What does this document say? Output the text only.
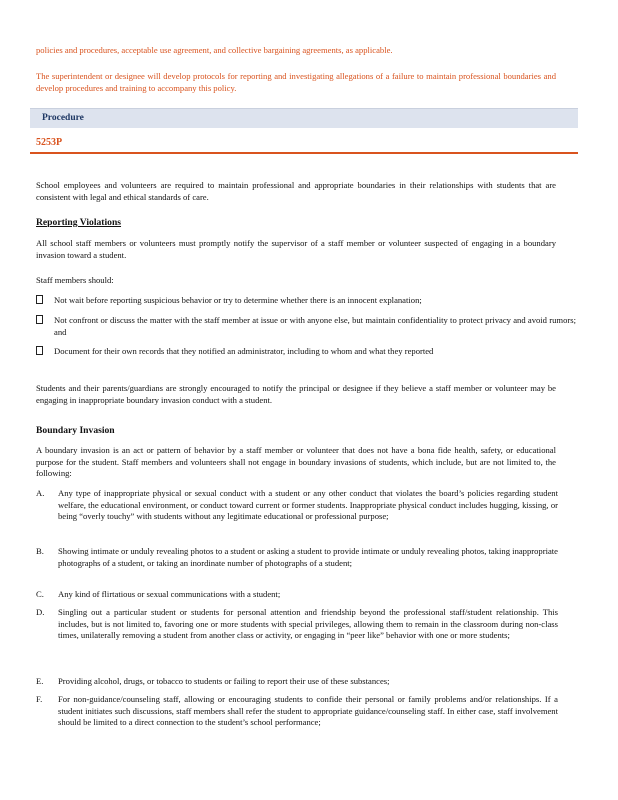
policies and procedures, acceptable use agreement, and collective bargaining agreements, as applicable.

The superintendent or designee will develop protocols for reporting and investigating allegations of a failure to maintain professional boundaries and develop procedures and training to accompany this policy.

Procedure
5253P

School employees and volunteers are required to maintain professional and appropriate boundaries in their relationships with students that are consistent with legal and ethical standards of care.

Reporting Violations

All school staff members or volunteers must promptly notify the supervisor of a staff member or volunteer suspected of engaging in a boundary invasion toward a student.

Staff members should:

Not wait before reporting suspicious behavior or try to determine whether there is an innocent explanation;
Not confront or discuss the matter with the staff member at issue or with anyone else, but maintain confidentiality to protect privacy and avoid rumors; and
Document for their own records that they notified an administrator, including to whom and what they reported

Students and their parents/guardians are strongly encouraged to notify the principal or designee if they believe a staff member or volunteer may be engaging in inappropriate boundary invasion conduct with a student.

Boundary Invasion

A boundary invasion is an act or pattern of behavior by a staff member or volunteer that does not have a bona fide health, safety, or educational purpose for the student. Staff members and volunteers shall not engage in boundary invasions of students, which include, but are not limited to, the following:

A.	Any type of inappropriate physical or sexual conduct with a student or any other conduct that violates the board’s policies regarding student welfare, the educational environment, or conduct toward current or former students. Inappropriate physical conduct includes hugging, kissing, or being “overly touchy” with students without any legitimate educational or professional purpose;
B.	Showing intimate or unduly revealing photos to a student or asking a student to provide intimate or unduly revealing photos, taking inappropriate photographs of a student, or taking an inordinate number of photographs of a student;
C.	Any kind of flirtatious or sexual communications with a student;
D.	Singling out a particular student or students for personal attention and friendship beyond the professional staff/student relationship. This includes, but is not limited to, favoring one or more students with special privileges, allowing them to remain in the classroom during non-class times, unilaterally removing a student from another class or activity, or engaging in “peer like” behavior with one or more students;
E.	Providing alcohol, drugs, or tobacco to students or failing to report their use of these substances;
F.	For non-guidance/counseling staff, allowing or encouraging students to confide their personal or family problems and/or relationships. If a student initiates such discussions, staff members shall refer the student to appropriate guidance/counseling staff. In either case, staff involvement should be limited to a direct connection to the student’s school performance;
